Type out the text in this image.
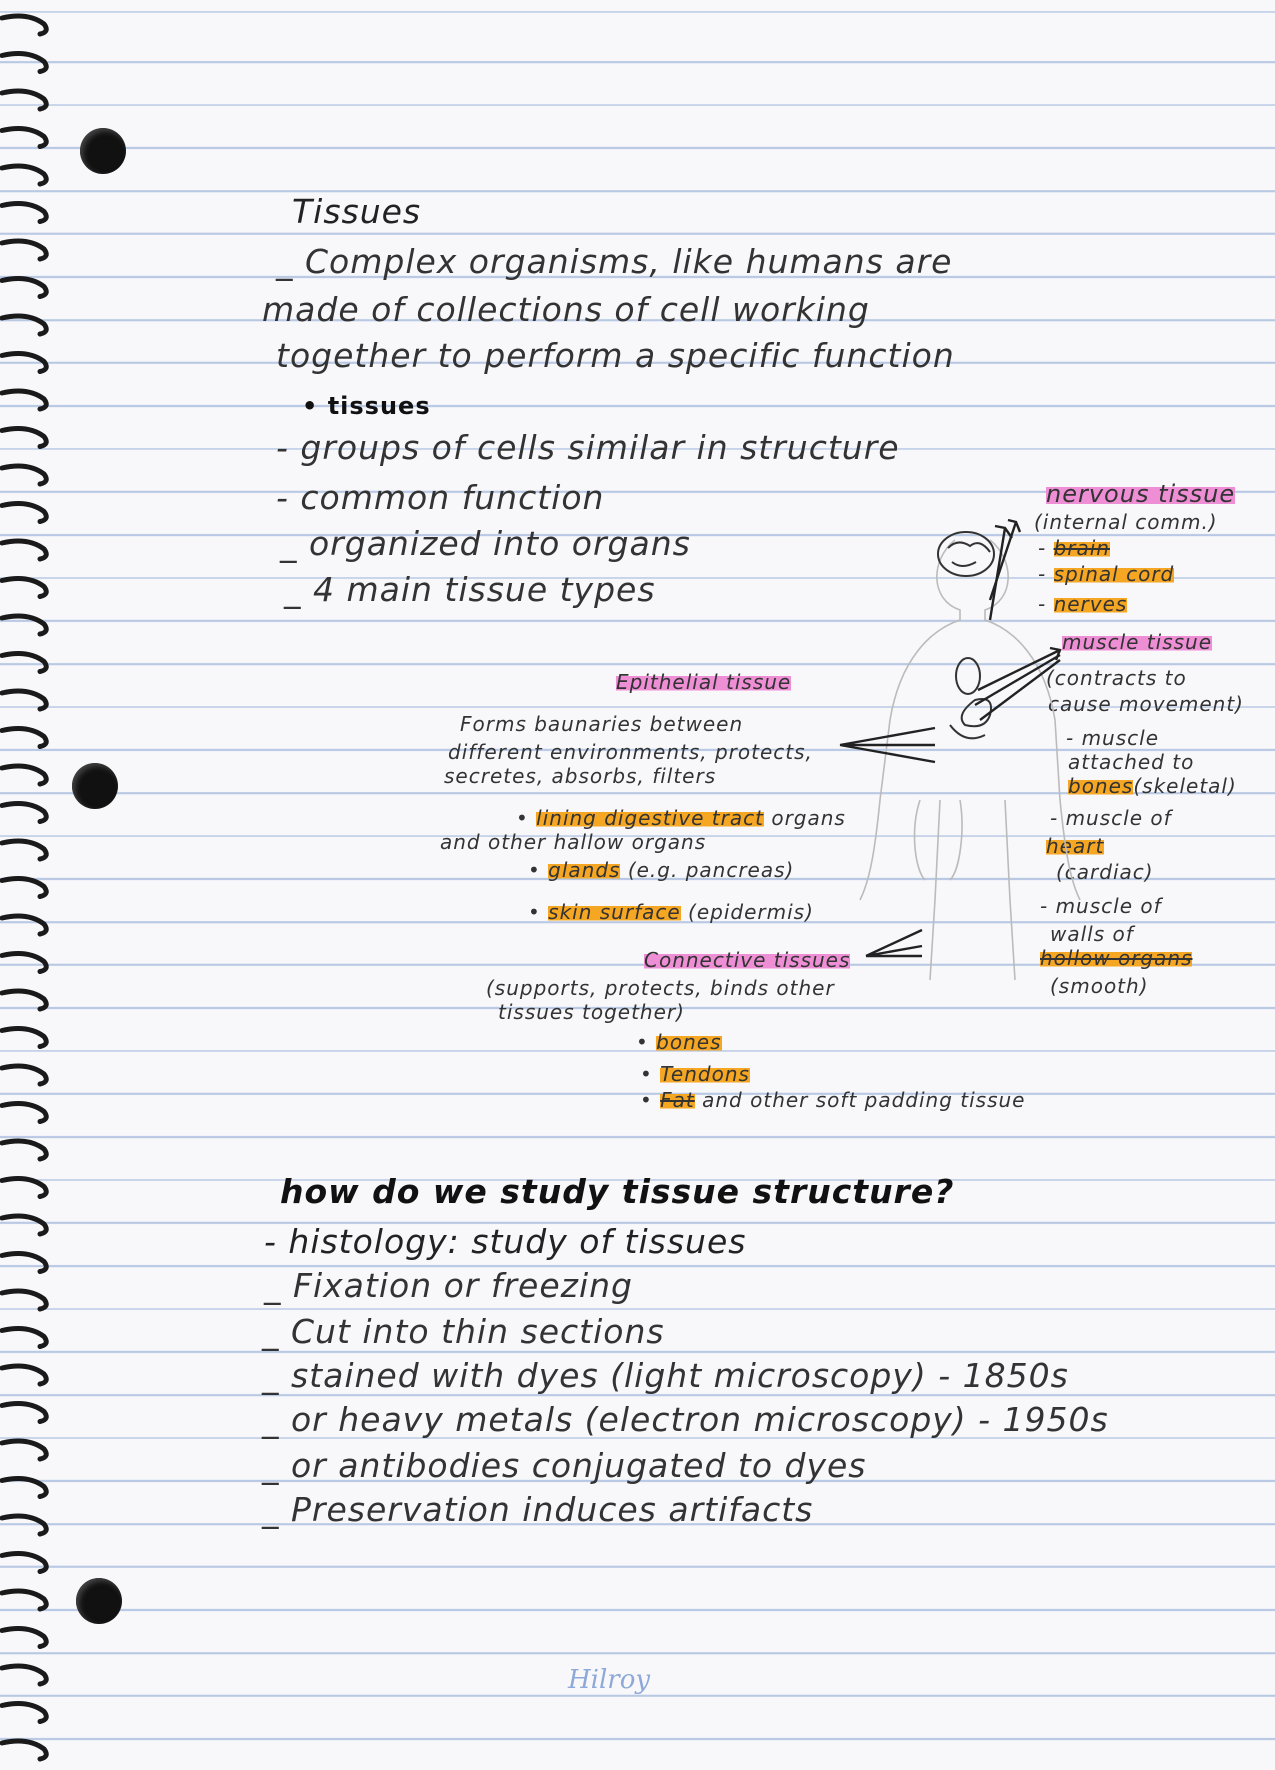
Tissues
_ Complex organisms, like humans are
made of collections of cell working
together to perform a specific function
• tissues
- groups of cells similar in structure
- common function
_ organized into organs
_ 4 main tissue types
nervous tissue
(internal comm.)
- brain
- spinal cord
- nerves
muscle tissue
(contracts to
cause movement)
- muscle
attached to
bones(skeletal)
- muscle of
heart
(cardiac)
- muscle of
walls of
hollow organs
(smooth)
Epithelial tissue
Forms baunaries between
different environments, protects,
secretes, absorbs, filters
• lining digestive tract organs
and other hallow organs
• glands (e.g. pancreas)
• skin surface (epidermis)
Connective tissues
(supports, protects, binds other
tissues together)
• bones
• Tendons
• Fat and other soft padding tissue
how do we study tissue structure?
- histology: study of tissues
_ Fixation or freezing
_ Cut into thin sections
_ stained with dyes (light microscopy) - 1850s
_ or heavy metals (electron microscopy) - 1950s
_ or antibodies conjugated to dyes
_ Preservation induces artifacts
Hilroy
